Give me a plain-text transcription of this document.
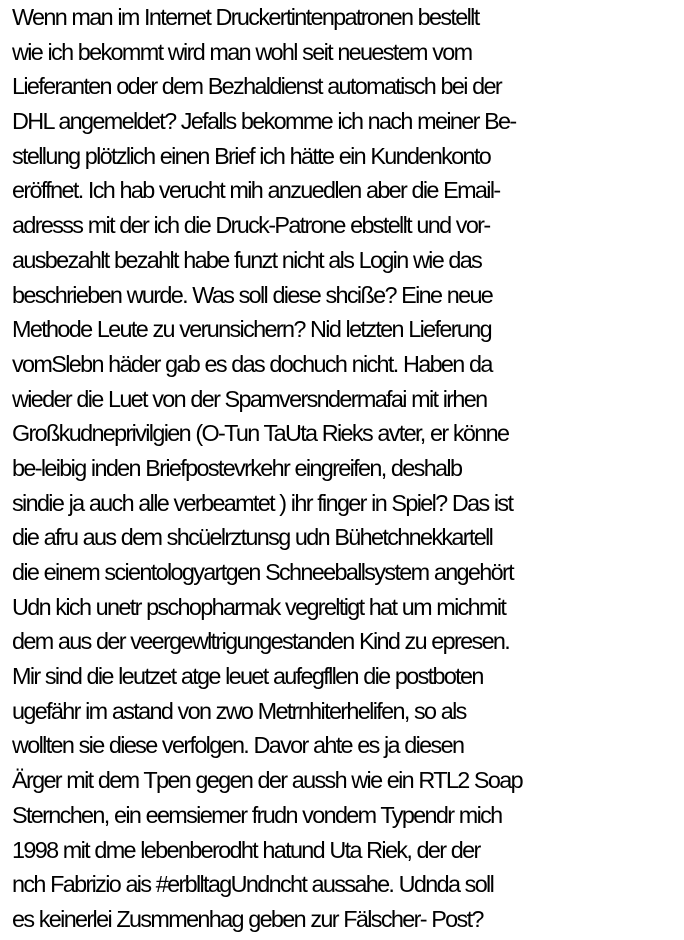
Wenn man im Internet Druckertintenpatronen bestellt
wie ich bekommt wird man wohl seit neuestem vom
Lieferanten oder dem Bezhaldienst automatisch bei der
DHL angemeldet? Jefalls bekomme ich nach meiner Be-
stellung plötzlich einen Brief ich hätte ein Kundenkonto
eröffnet. Ich hab verucht mih anzuedlen aber die Email-
adresss mit der ich die Druck-Patrone ebstellt und vor-
ausbezahlt bezahlt habe funzt nicht als Login wie das
beschrieben wurde. Was soll diese shciße? Eine neue
Methode Leute zu verunsichern? Nid letzten Lieferung
vomSlebn häder gab es das dochuch nicht. Haben da
wieder die Luet von der Spamversndermafai mit irhen
Großkudneprivilgien (O-Tun TaUta Rieks avter, er könne
be-leibig inden Briefpostevrkehr eingreifen, deshalb
sindie ja auch alle verbeamtet ) ihr finger in Spiel? Das ist
die afru aus dem shcüelrztunsg udn Bühetchnekkartell
die einem scientologyartgen Schneeballsystem angehört
Udn kich unetr pschopharmak vegreltigt hat um michmit
dem aus der veergewltrigungestanden Kind zu epresen.
Mir sind die leutzet atge leuet aufegfllen die postboten
ugefähr im astand von zwo Metrnhiterhelifen, so als
wollten sie diese verfolgen. Davor ahte es ja diesen
Ärger mit dem Tpen gegen der aussh wie ein RTL2 Soap
Sternchen, ein eemsiemer frudn vondem Typendr mich
1998 mit dme lebenberodht hatund Uta Riek, der der
nch Fabrizio ais #erblltagUndncht aussahe. Udnda soll
es keinerlei Zusmmenhag geben zur Fälscher- Post?
